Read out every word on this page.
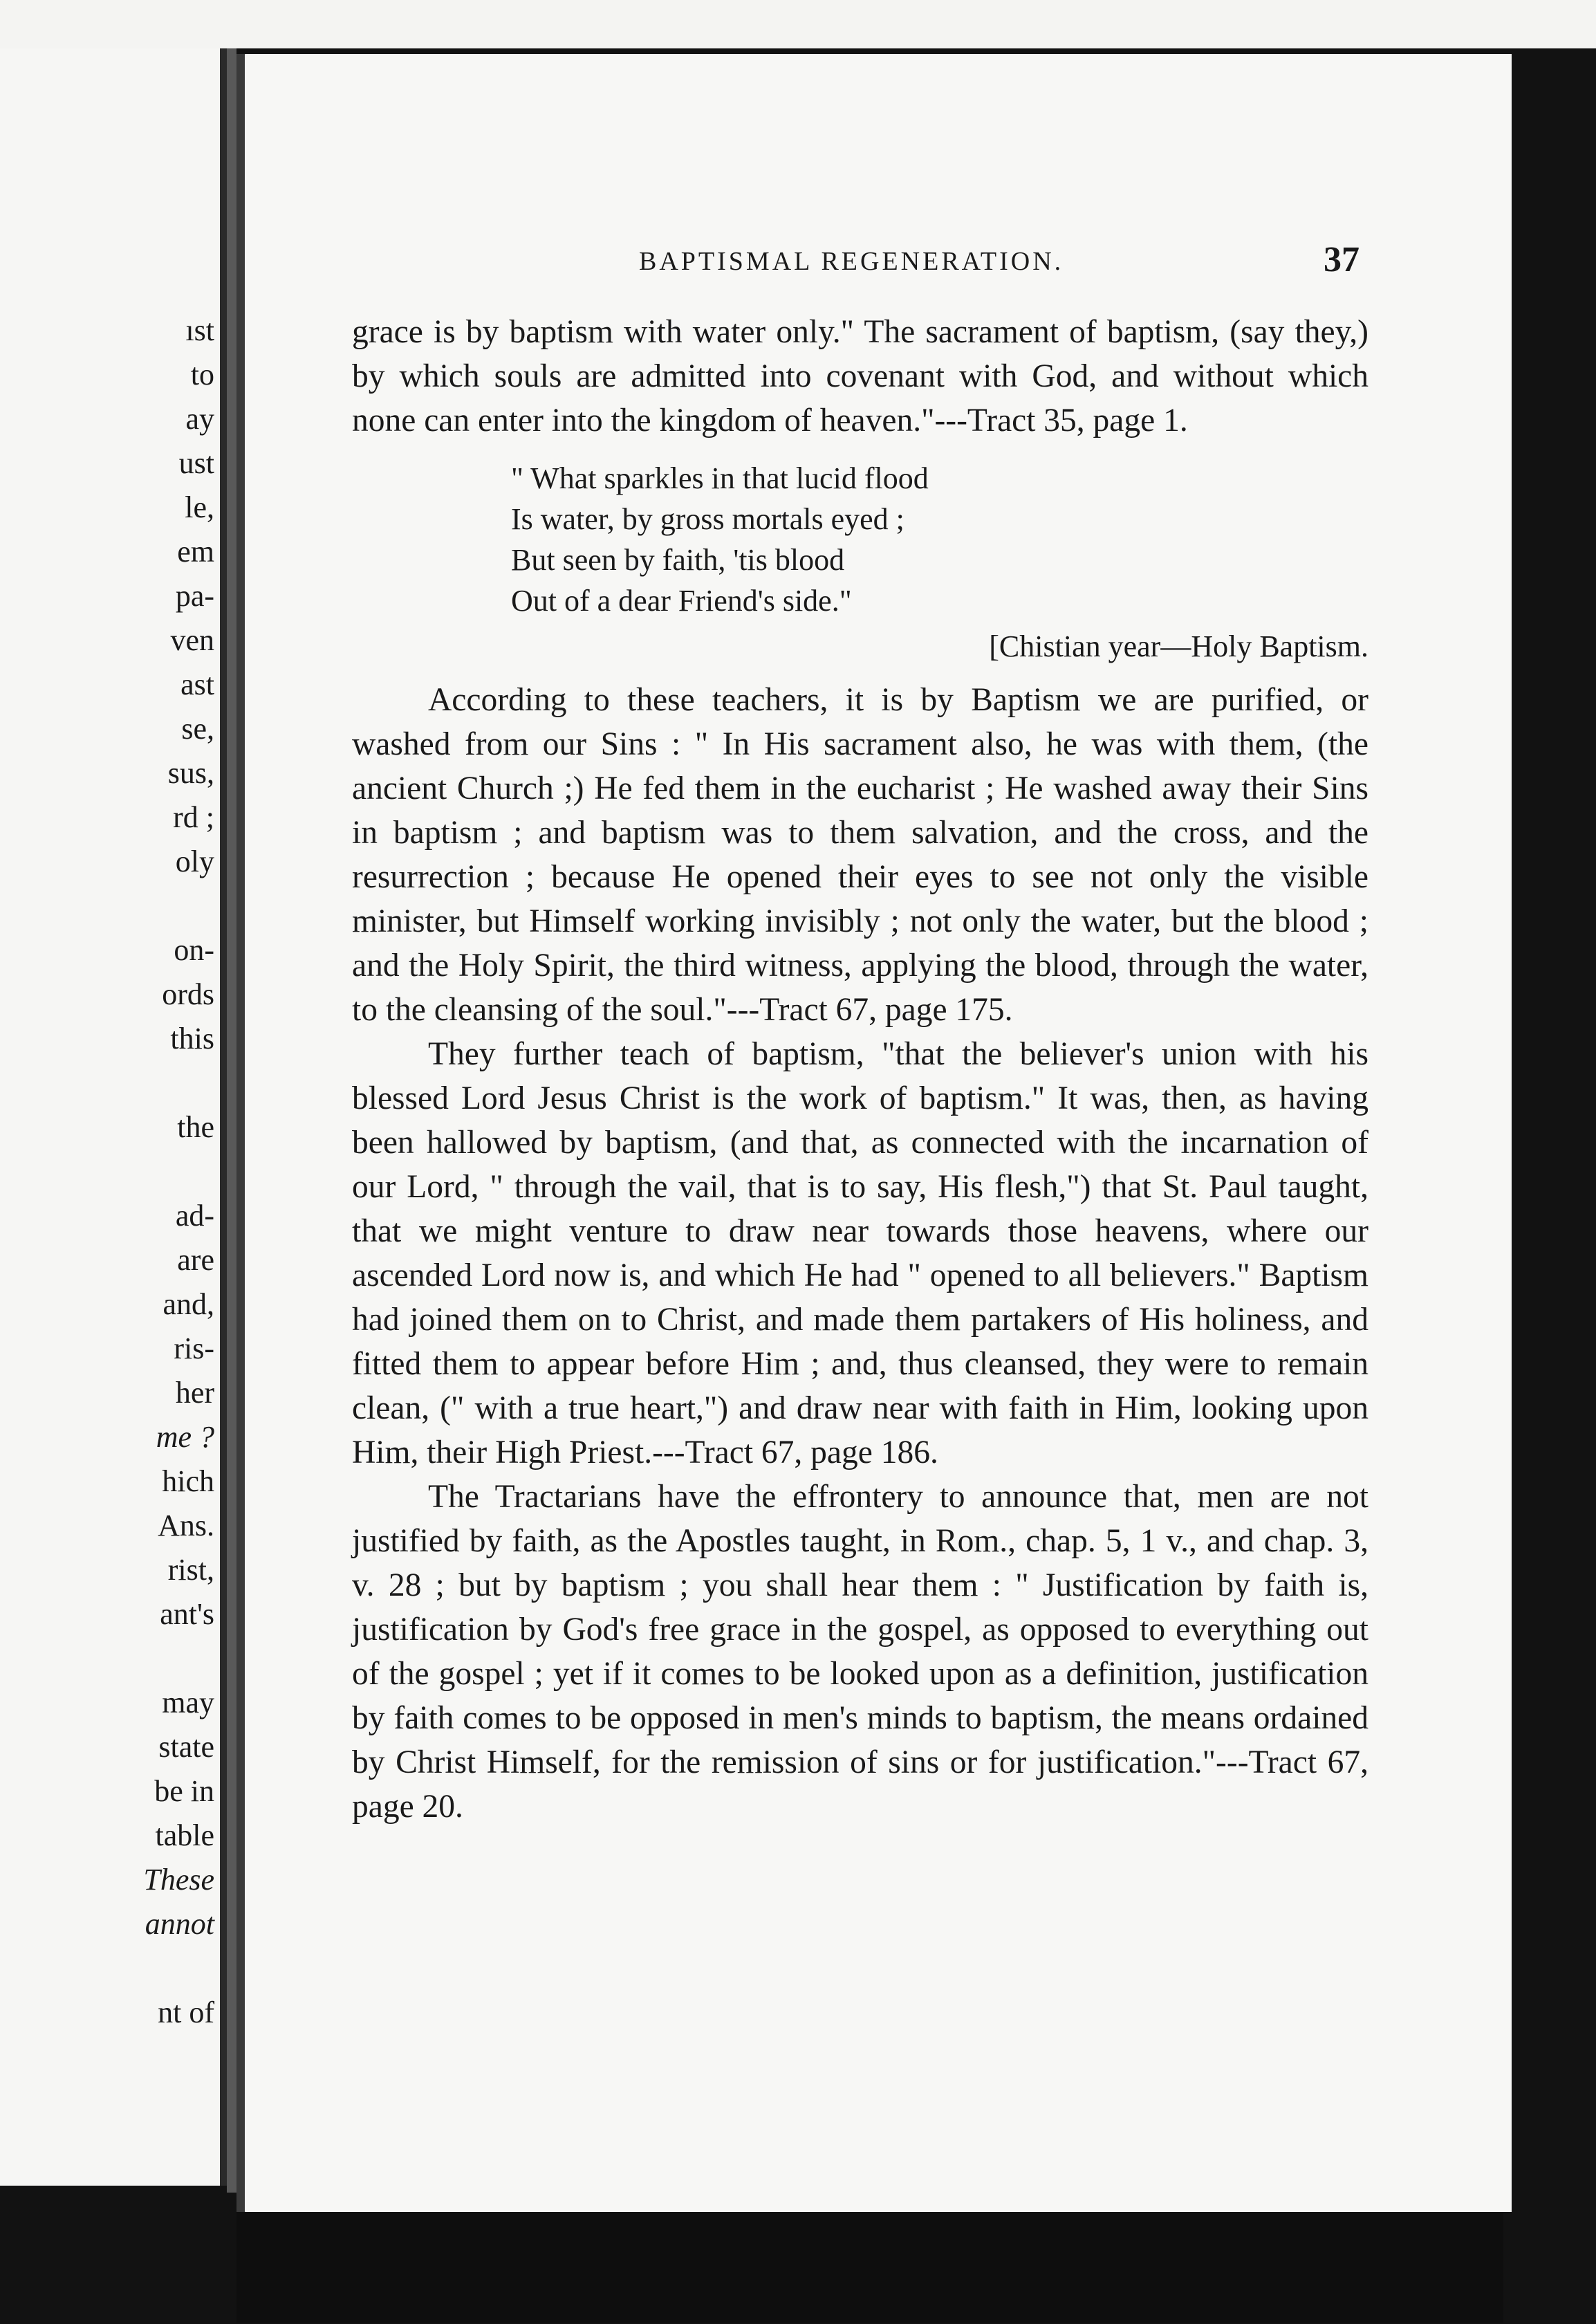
ıst

to

ay

ust

le,

em

pa-

ven

ast

se,

sus,

rd ;

oly

on-

ords

this

the

ad-

are

and,

ris-

her

me ?

hich

Ans.

rist,

ant's

may

state

be in

table

These

annot

nt of

BAPTISMAL REGENERATION.	37

grace is by baptism with water only." The sacrament of baptism, (say they,) by which souls are admitted into covenant with God, and without which none can enter into the kingdom of heaven."---Tract 35, page 1.

" What sparkles in that lucid flood
Is water, by gross mortals eyed ;
But seen by faith, 'tis blood
Out of a dear Friend's side."
[Chistian year—Holy Baptism.

According to these teachers, it is by Baptism we are purified, or washed from our Sins : " In His sacrament also, he was with them, (the ancient Church ;) He fed them in the eucharist ; He washed away their Sins in baptism ; and baptism was to them salvation, and the cross, and the resurrection ; because He opened their eyes to see not only the visible minister, but Himself working invisibly ; not only the water, but the blood ; and the Holy Spirit, the third witness, applying the blood, through the water, to the cleansing of the soul."---Tract 67, page 175.

They further teach of baptism, "that the believer's union with his blessed Lord Jesus Christ is the work of baptism." It was, then, as having been hallowed by baptism, (and that, as connected with the incarnation of our Lord, " through the vail, that is to say, His flesh,") that St. Paul taught, that we might venture to draw near towards those heavens, where our ascended Lord now is, and which He had " opened to all believers." Baptism had joined them on to Christ, and made them partakers of His holiness, and fitted them to appear before Him ; and, thus cleansed, they were to remain clean, (" with a true heart,") and draw near with faith in Him, looking upon Him, their High Priest.---Tract 67, page 186.

The Tractarians have the effrontery to announce that, men are not justified by faith, as the Apostles taught, in Rom., chap. 5, 1 v., and chap. 3, v. 28 ; but by baptism ; you shall hear them : " Justification by faith is, justification by God's free grace in the gospel, as opposed to everything out of the gospel ; yet if it comes to be looked upon as a definition, justification by faith comes to be opposed in men's minds to baptism, the means ordained by Christ Himself, for the remission of sins or for justification."---Tract 67, page 20.
